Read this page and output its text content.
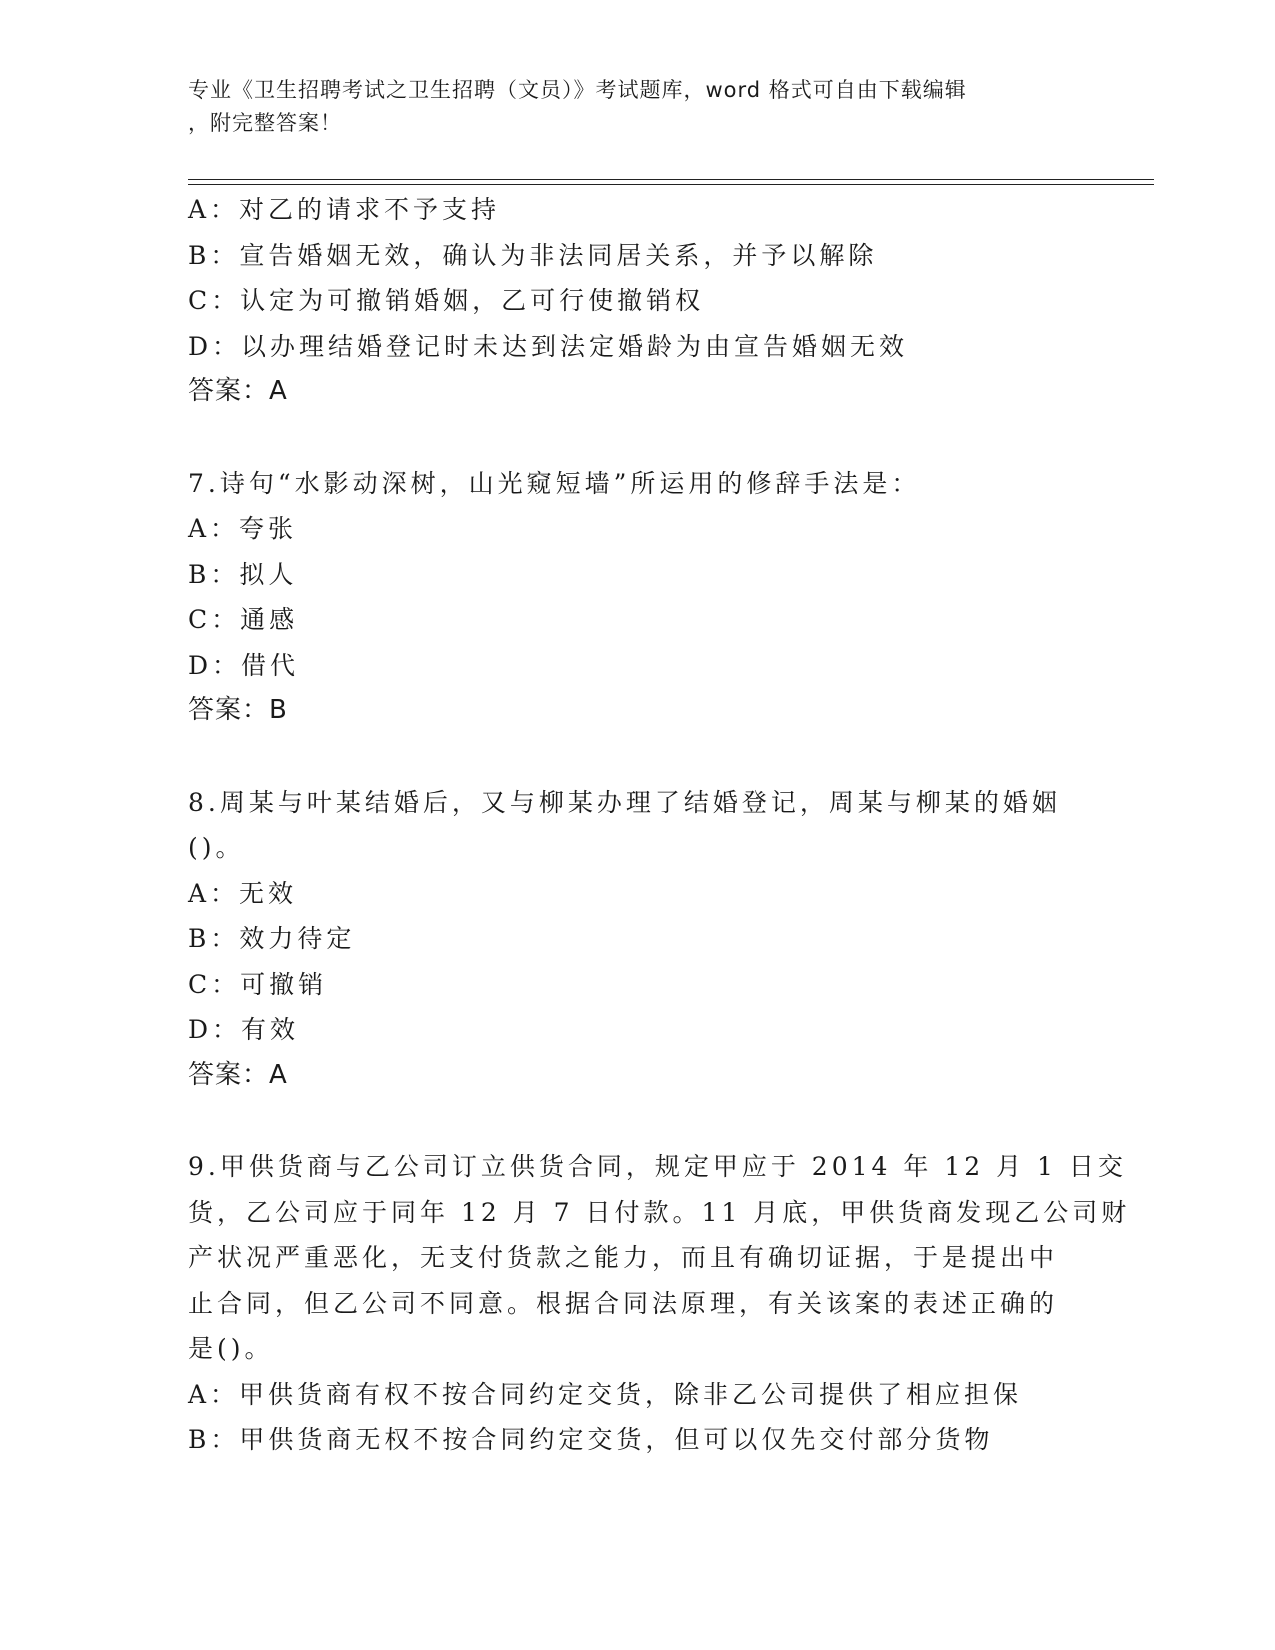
专业《卫生招聘考试之卫生招聘（文员）》考试题库，word 格式可自由下载编辑
，附完整答案！
A：对乙的请求不予支持
B：宣告婚姻无效，确认为非法同居关系，并予以解除
C：认定为可撤销婚姻，乙可行使撤销权
D：以办理结婚登记时未达到法定婚龄为由宣告婚姻无效
答案：A
7.诗句“水影动深树，山光窥短墙”所运用的修辞手法是：
A：夸张
B：拟人
C：通感
D：借代
答案：B
8.周某与叶某结婚后，又与柳某办理了结婚登记，周某与柳某的婚姻
()。
A：无效
B：效力待定
C：可撤销
D：有效
答案：A
9.甲供货商与乙公司订立供货合同，规定甲应于 2014 年 12 月 1 日交
货，乙公司应于同年 12 月 7 日付款。11 月底，甲供货商发现乙公司财
产状况严重恶化，无支付货款之能力，而且有确切证据，于是提出中
止合同，但乙公司不同意。根据合同法原理，有关该案的表述正确的
是()。
A：甲供货商有权不按合同约定交货，除非乙公司提供了相应担保
B：甲供货商无权不按合同约定交货，但可以仅先交付部分货物
